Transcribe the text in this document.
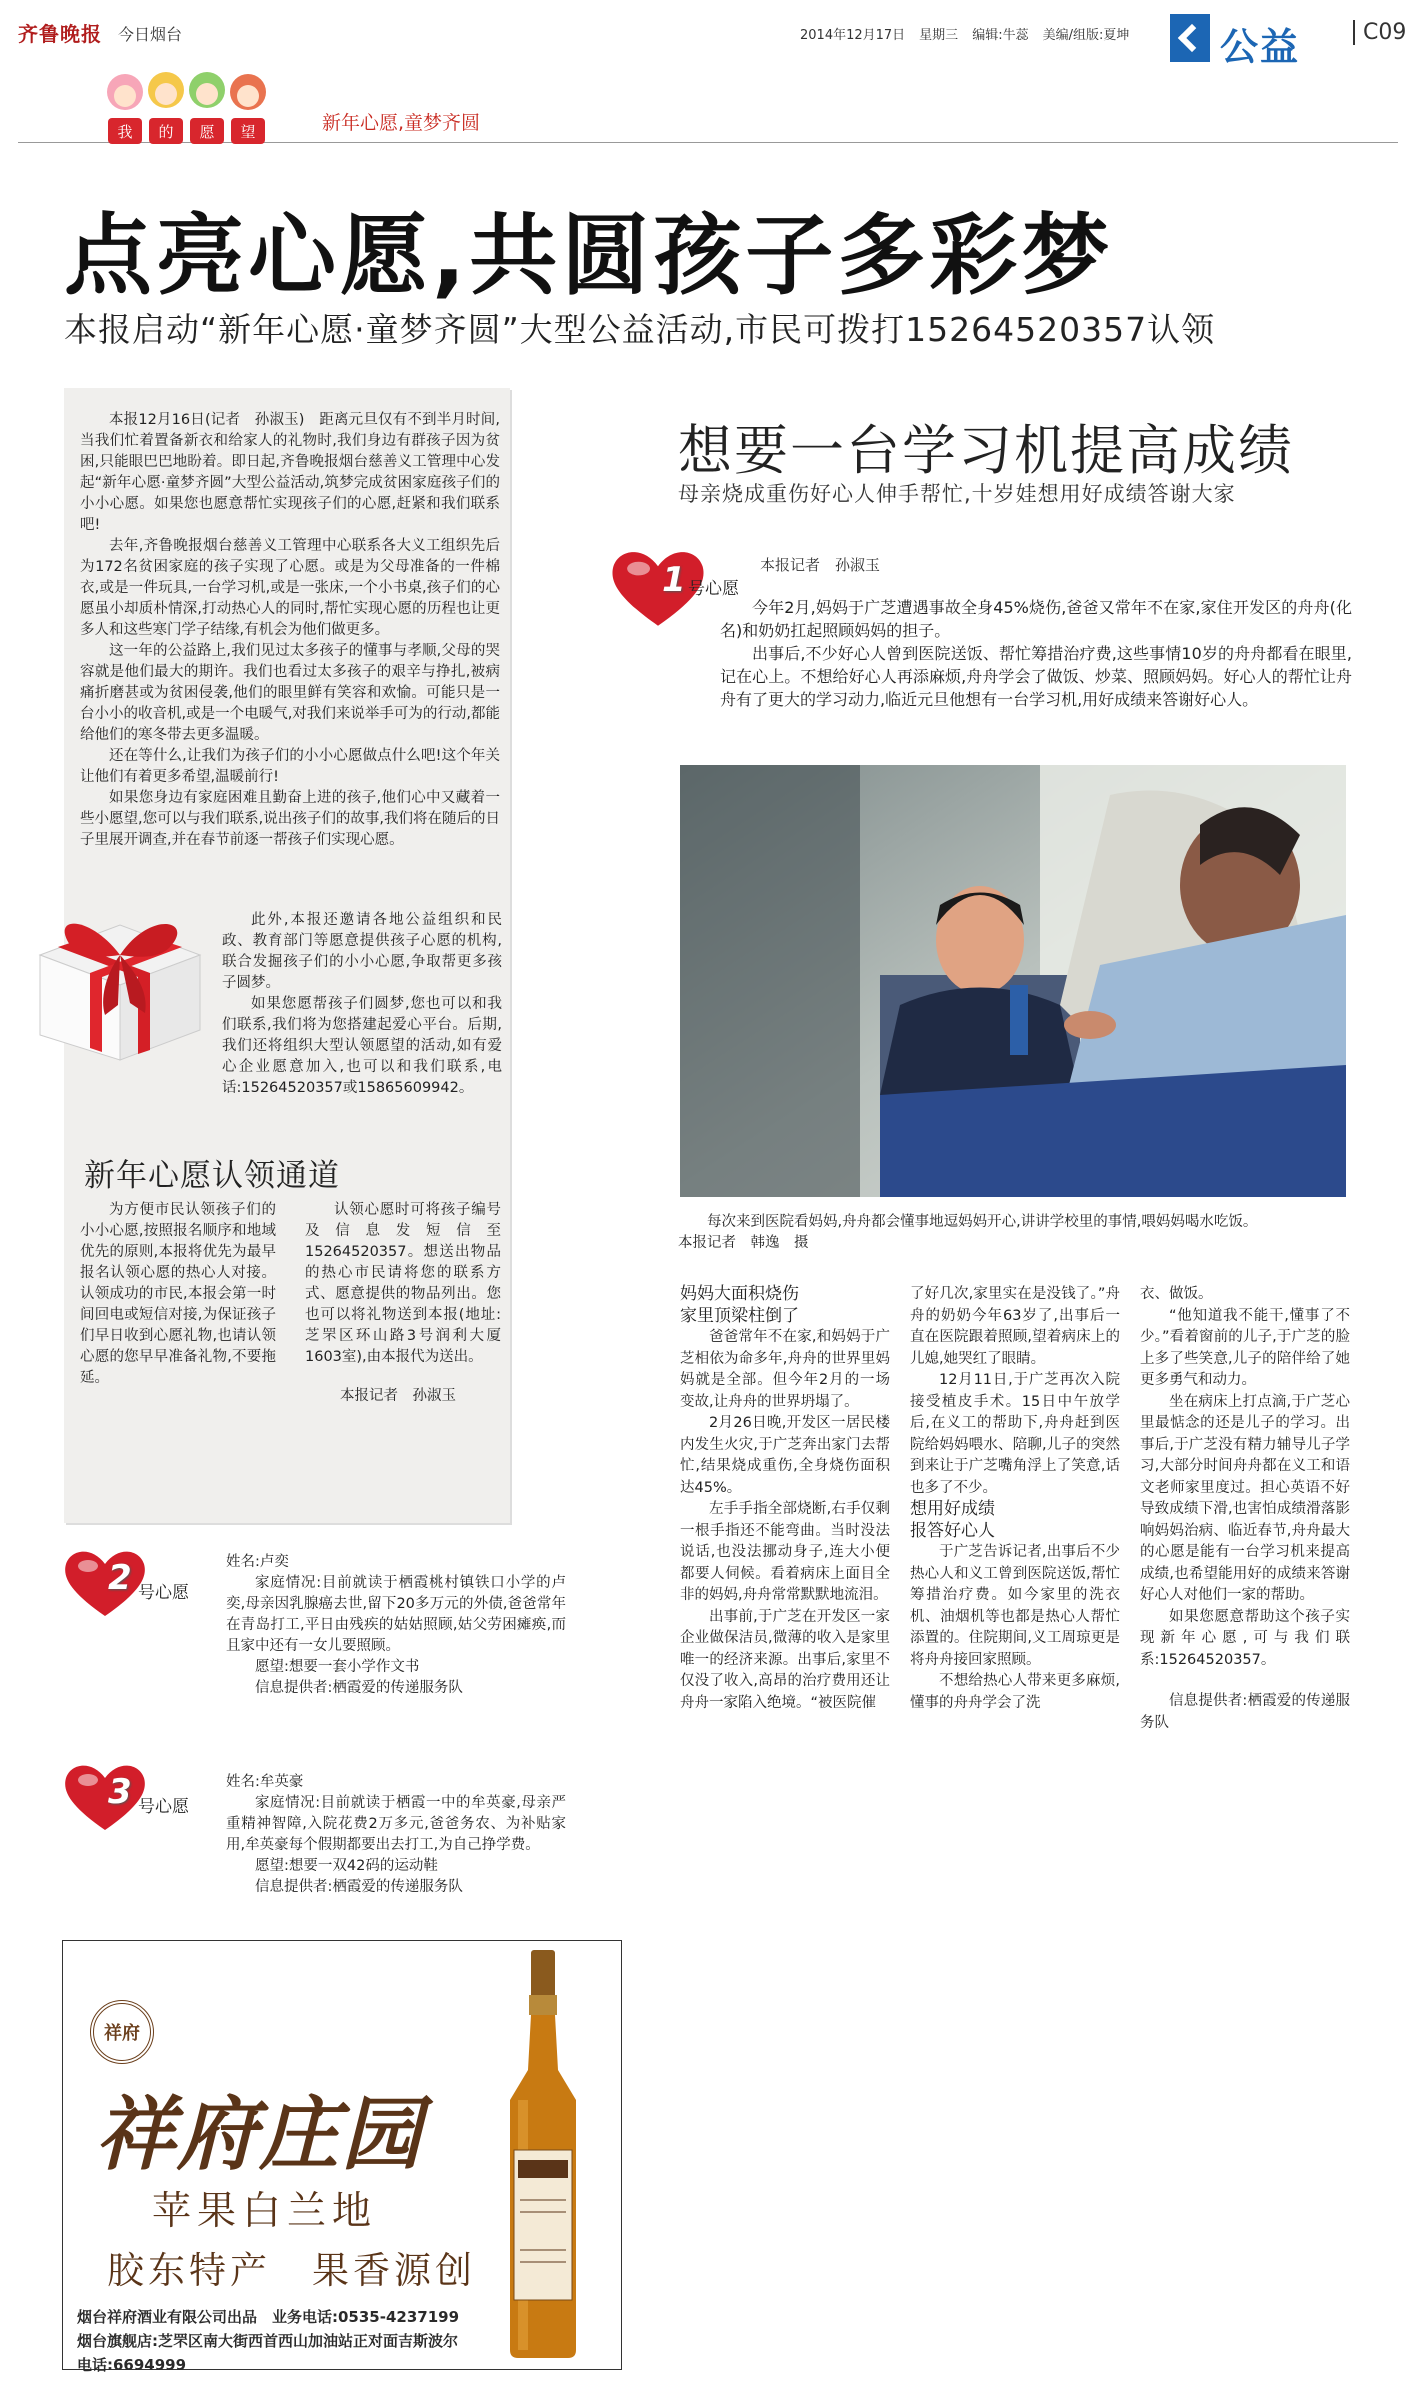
齐鲁晚报 今日烟台	2014年12月17日 星期三 编辑:牛蕊 美编/组版:夏坤	公益	C09
我 的 愿 望	新年心愿,童梦齐圆
点亮心愿,共圆孩子多彩梦
本报启动“新年心愿·童梦齐圆”大型公益活动,市民可拨打15264520357认领

本报12月16日(记者　孙淑玉)　距离元旦仅有不到半月时间,当我们忙着置备新衣和给家人的礼物时,我们身边有群孩子因为贫困,只能眼巴巴地盼着。即日起,齐鲁晚报烟台慈善义工管理中心发起“新年心愿·童梦齐圆”大型公益活动,筑梦完成贫困家庭孩子们的小小心愿。如果您也愿意帮忙实现孩子们的心愿,赶紧和我们联系吧!

去年,齐鲁晚报烟台慈善义工管理中心联系各大义工组织先后为172名贫困家庭的孩子实现了心愿。或是为父母准备的一件棉衣,或是一件玩具,一台学习机,或是一张床,一个小书桌,孩子们的心愿虽小却质朴情深,打动热心人的同时,帮忙实现心愿的历程也让更多人和这些寒门学子结缘,有机会为他们做更多。

这一年的公益路上,我们见过太多孩子的懂事与孝顺,父母的哭容就是他们最大的期许。我们也看过太多孩子的艰辛与挣扎,被病痛折磨甚或为贫困侵袭,他们的眼里鲜有笑容和欢愉。可能只是一台小小的收音机,或是一个电暖气,对我们来说举手可为的行动,都能给他们的寒冬带去更多温暖。

还在等什么,让我们为孩子们的小小心愿做点什么吧!这个年关让他们有着更多希望,温暖前行!

如果您身边有家庭困难且勤奋上进的孩子,他们心中又藏着一些小愿望,您可以与我们联系,说出孩子们的故事,我们将在随后的日子里展开调查,并在春节前逐一帮孩子们实现心愿。

此外,本报还邀请各地公益组织和民政、教育部门等愿意提供孩子心愿的机构,联合发掘孩子们的小小心愿,争取帮更多孩子圆梦。

如果您愿帮孩子们圆梦,您也可以和我们联系,我们将为您搭建起爱心平台。后期,我们还将组织大型认领愿望的活动,如有爱心企业愿意加入,也可以和我们联系,电话:15264520357或15865609942。

新年心愿认领通道

为方便市民认领孩子们的小小心愿,按照报名顺序和地域优先的原则,本报将优先为最早报名认领心愿的热心人对接。认领成功的市民,本报会第一时间回电或短信对接,为保证孩子们早日收到心愿礼物,也请认领心愿的您早早准备礼物,不要拖延。

认领心愿时可将孩子编号及信息发短信至15264520357。想送出物品的热心市民请将您的联系方式、愿意提供的物品列出。您也可以将礼物送到本报(地址:芝罘区环山路3号润利大厦1603室),由本报代为送出。

本报记者　孙淑玉
2 号心愿

姓名:卢奕

家庭情况:目前就读于栖霞桃村镇铁口小学的卢奕,母亲因乳腺癌去世,留下20多万元的外债,爸爸常年在青岛打工,平日由残疾的姑姑照顾,姑父劳困瘫痪,而且家中还有一女儿要照顾。

愿望:想要一套小学作文书

信息提供者:栖霞爱的传递服务队

3 号心愿

姓名:牟英豪

家庭情况:目前就读于栖霞一中的牟英豪,母亲严重精神智障,入院花费2万多元,爸爸务农、为补贴家用,牟英豪每个假期都要出去打工,为自己挣学费。

愿望:想要一双42码的运动鞋

信息提供者:栖霞爱的传递服务队

祥府
祥府庄园
苹果白兰地
胶东特产　果香源创
烟台祥府酒业有限公司出品　业务电话:0535-4237199
烟台旗舰店:芝罘区南大街西首西山加油站正对面吉斯波尔
电话:6694999
想要一台学习机提高成绩
母亲烧成重伤好心人伸手帮忙,十岁娃想用好成绩答谢大家
1 号心愿
本报记者　孙淑玉

今年2月,妈妈于广芝遭遇事故全身45%烧伤,爸爸又常年不在家,家住开发区的舟舟(化名)和奶奶扛起照顾妈妈的担子。

出事后,不少好心人曾到医院送饭、帮忙筹措治疗费,这些事情10岁的舟舟都看在眼里,记在心上。不想给好心人再添麻烦,舟舟学会了做饭、炒菜、照顾妈妈。好心人的帮忙让舟舟有了更大的学习动力,临近元旦他想有一台学习机,用好成绩来答谢好心人。

每次来到医院看妈妈,舟舟都会懂事地逗妈妈开心,讲讲学校里的事情,喂妈妈喝水吃饭。

本报记者　韩逸　摄

妈妈大面积烧伤

家里顶梁柱倒了

爸爸常年不在家,和妈妈于广芝相依为命多年,舟舟的世界里妈妈就是全部。但今年2月的一场变故,让舟舟的世界坍塌了。

2月26日晚,开发区一居民楼内发生火灾,于广芝奔出家门去帮忙,结果烧成重伤,全身烧伤面积达45%。

左手手指全部烧断,右手仅剩一根手指还不能弯曲。当时没法说话,也没法挪动身子,连大小便都要人伺候。看着病床上面目全非的妈妈,舟舟常常默默地流泪。

出事前,于广芝在开发区一家企业做保洁员,微薄的收入是家里唯一的经济来源。出事后,家里不仅没了收入,高昂的治疗费用还让舟舟一家陷入绝境。“被医院催

了好几次,家里实在是没钱了。”舟舟的奶奶今年63岁了,出事后一直在医院跟着照顾,望着病床上的儿媳,她哭红了眼睛。

12月11日,于广芝再次入院接受植皮手术。15日中午放学后,在义工的帮助下,舟舟赶到医院给妈妈喂水、陪聊,儿子的突然到来让于广芝嘴角浮上了笑意,话也多了不少。

想用好成绩

报答好心人

于广芝告诉记者,出事后不少热心人和义工曾到医院送饭,帮忙筹措治疗费。如今家里的洗衣机、油烟机等也都是热心人帮忙添置的。住院期间,义工周琼更是将舟舟接回家照顾。

不想给热心人带来更多麻烦,懂事的舟舟学会了洗

衣、做饭。

“他知道我不能干,懂事了不少。”看着窗前的儿子,于广芝的脸上多了些笑意,儿子的陪伴给了她更多勇气和动力。

坐在病床上打点滴,于广芝心里最惦念的还是儿子的学习。出事后,于广芝没有精力辅导儿子学习,大部分时间舟舟都在义工和语文老师家里度过。担心英语不好导致成绩下滑,也害怕成绩滑落影响妈妈治病、临近春节,舟舟最大的心愿是能有一台学习机来提高成绩,也希望能用好的成绩来答谢好心人对他们一家的帮助。

如果您愿意帮助这个孩子实现新年心愿,可与我们联系:15264520357。

信息提供者:栖霞爱的传递服务队
